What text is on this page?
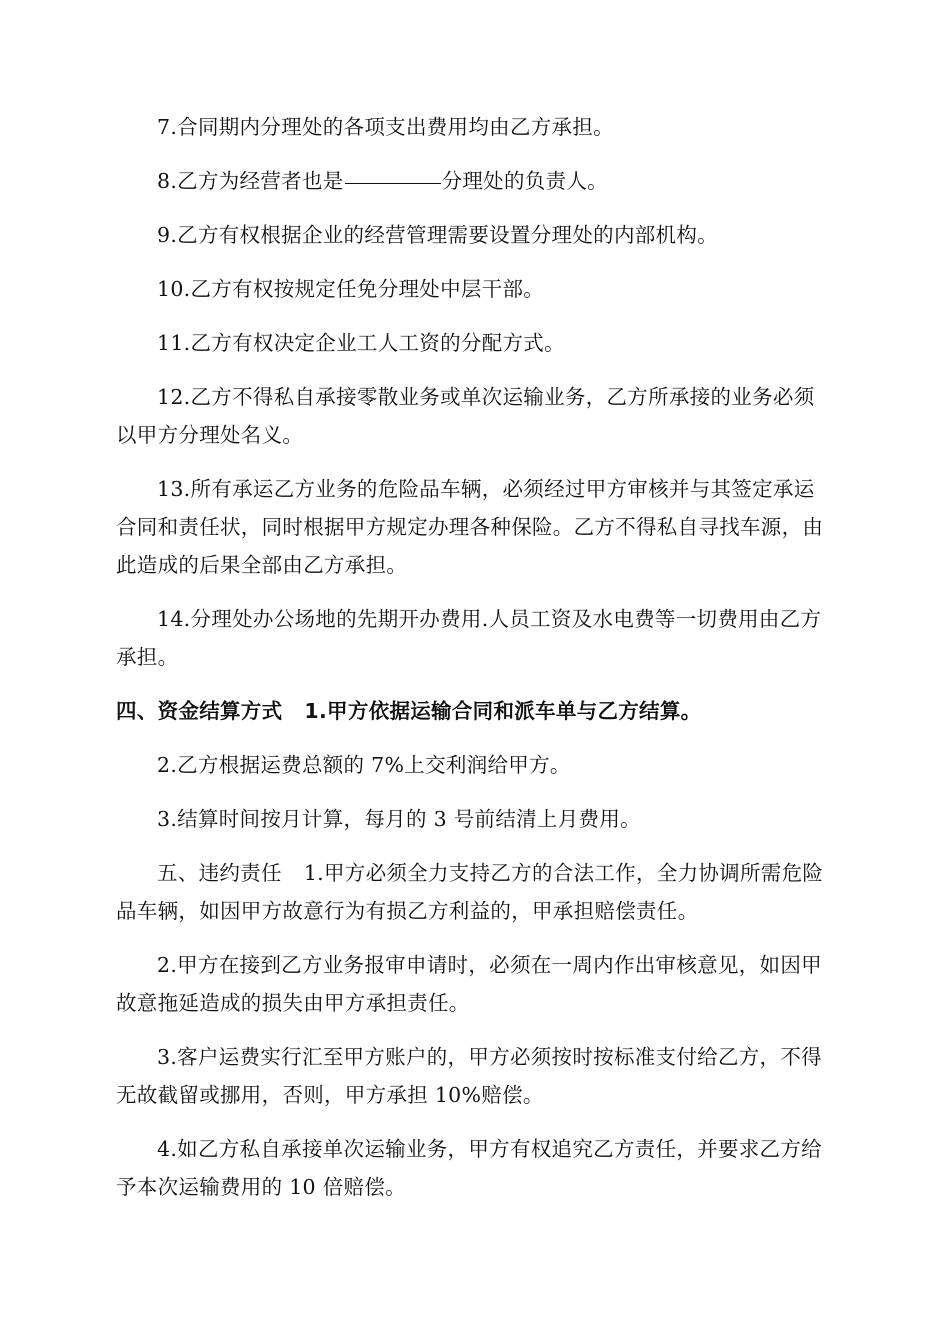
7.合同期内分理处的各项支出费用均由乙方承担。

8.乙方为经营者也是	分理处的负责人。

9.乙方有权根据企业的经营管理需要设置分理处的内部机构。

10.乙方有权按规定任免分理处中层干部。

11.乙方有权决定企业工人工资的分配方式。

12.乙方不得私自承接零散业务或单次运输业务，乙方所承接的业务必须以甲方分理处名义。

13.所有承运乙方业务的危险品车辆，必须经过甲方审核并与其签定承运合同和责任状，同时根据甲方规定办理各种保险。乙方不得私自寻找车源，由此造成的后果全部由乙方承担。

14.分理处办公场地的先期开办费用.人员工资及水电费等一切费用由乙方承担。

四、资金结算方式 1.甲方依据运输合同和派车单与乙方结算。

2.乙方根据运费总额的 7%上交利润给甲方。

3.结算时间按月计算，每月的 3 号前结清上月费用。

五、违约责任 1.甲方必须全力支持乙方的合法工作，全力协调所需危险品车辆，如因甲方故意行为有损乙方利益的，甲承担赔偿责任。

2.甲方在接到乙方业务报审申请时，必须在一周内作出审核意见，如因甲故意拖延造成的损失由甲方承担责任。

3.客户运费实行汇至甲方账户的，甲方必须按时按标准支付给乙方，不得无故截留或挪用，否则，甲方承担 10%赔偿。

4.如乙方私自承接单次运输业务，甲方有权追究乙方责任，并要求乙方给予本次运输费用的 10 倍赔偿。
